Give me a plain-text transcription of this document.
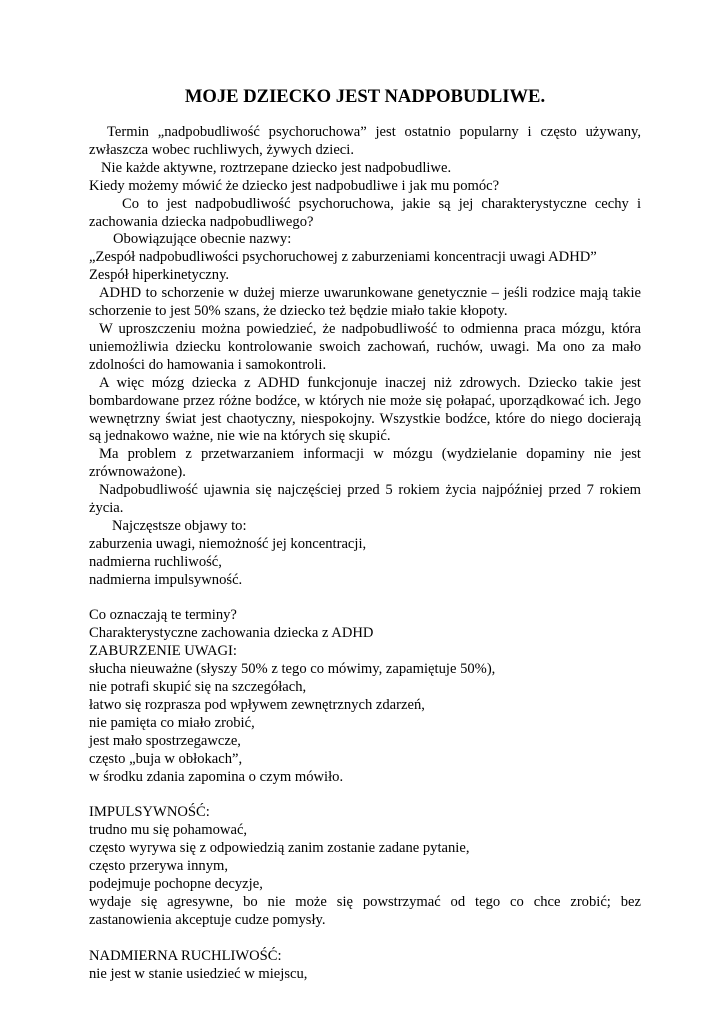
MOJE DZIECKO JEST NADPOBUDLIWE.

Termin „nadpobudliwość psychoruchowa” jest ostatnio popularny i często używany, zwłaszcza wobec ruchliwych, żywych dzieci.

Nie każde aktywne, roztrzepane dziecko jest nadpobudliwe.

Kiedy możemy mówić że dziecko jest nadpobudliwe i jak mu pomóc?

Co to jest nadpobudliwość psychoruchowa, jakie są jej charakterystyczne cechy i zachowania dziecka nadpobudliwego?

Obowiązujące obecnie nazwy:

„Zespół nadpobudliwości psychoruchowej z zaburzeniami koncentracji uwagi ADHD”

Zespół hiperkinetyczny.

ADHD to schorzenie w dużej mierze uwarunkowane genetycznie – jeśli rodzice mają takie schorzenie to jest 50% szans, że dziecko też będzie miało takie kłopoty.

W uproszczeniu można powiedzieć, że nadpobudliwość to odmienna praca mózgu, która uniemożliwia dziecku kontrolowanie swoich zachowań, ruchów, uwagi. Ma ono za mało zdolności do hamowania i samokontroli.

A więc mózg dziecka z ADHD funkcjonuje inaczej niż zdrowych. Dziecko takie jest bombardowane przez różne bodźce, w których nie może się połapać, uporządkować ich. Jego wewnętrzny świat jest chaotyczny, niespokojny. Wszystkie bodźce, które do niego docierają są jednakowo ważne, nie wie na których się skupić.

Ma problem z przetwarzaniem informacji w mózgu (wydzielanie dopaminy nie jest zrównoważone).

Nadpobudliwość ujawnia się najczęściej przed 5 rokiem życia najpóźniej przed 7 rokiem życia.

Najczęstsze objawy to:

zaburzenia uwagi, niemożność jej koncentracji,

nadmierna ruchliwość,

nadmierna impulsywność.

Co oznaczają te terminy?

Charakterystyczne zachowania dziecka z ADHD

ZABURZENIE UWAGI:

słucha nieuważne (słyszy 50% z tego co mówimy, zapamiętuje 50%),

nie potrafi skupić się na szczegółach,

łatwo się rozprasza pod wpływem zewnętrznych zdarzeń,

nie pamięta co miało zrobić,

jest mało spostrzegawcze,

często „buja w obłokach”,

w środku zdania zapomina o czym mówiło.

IMPULSYWNOŚĆ:

trudno mu się pohamować,

często wyrywa się z odpowiedzią zanim zostanie zadane pytanie,

często przerywa innym,

podejmuje pochopne decyzje,

wydaje się agresywne, bo nie może się powstrzymać od tego co chce zrobić; bez zastanowienia akceptuje cudze pomysły.

NADMIERNA RUCHLIWOŚĆ:

nie jest w stanie usiedzieć w miejscu,
